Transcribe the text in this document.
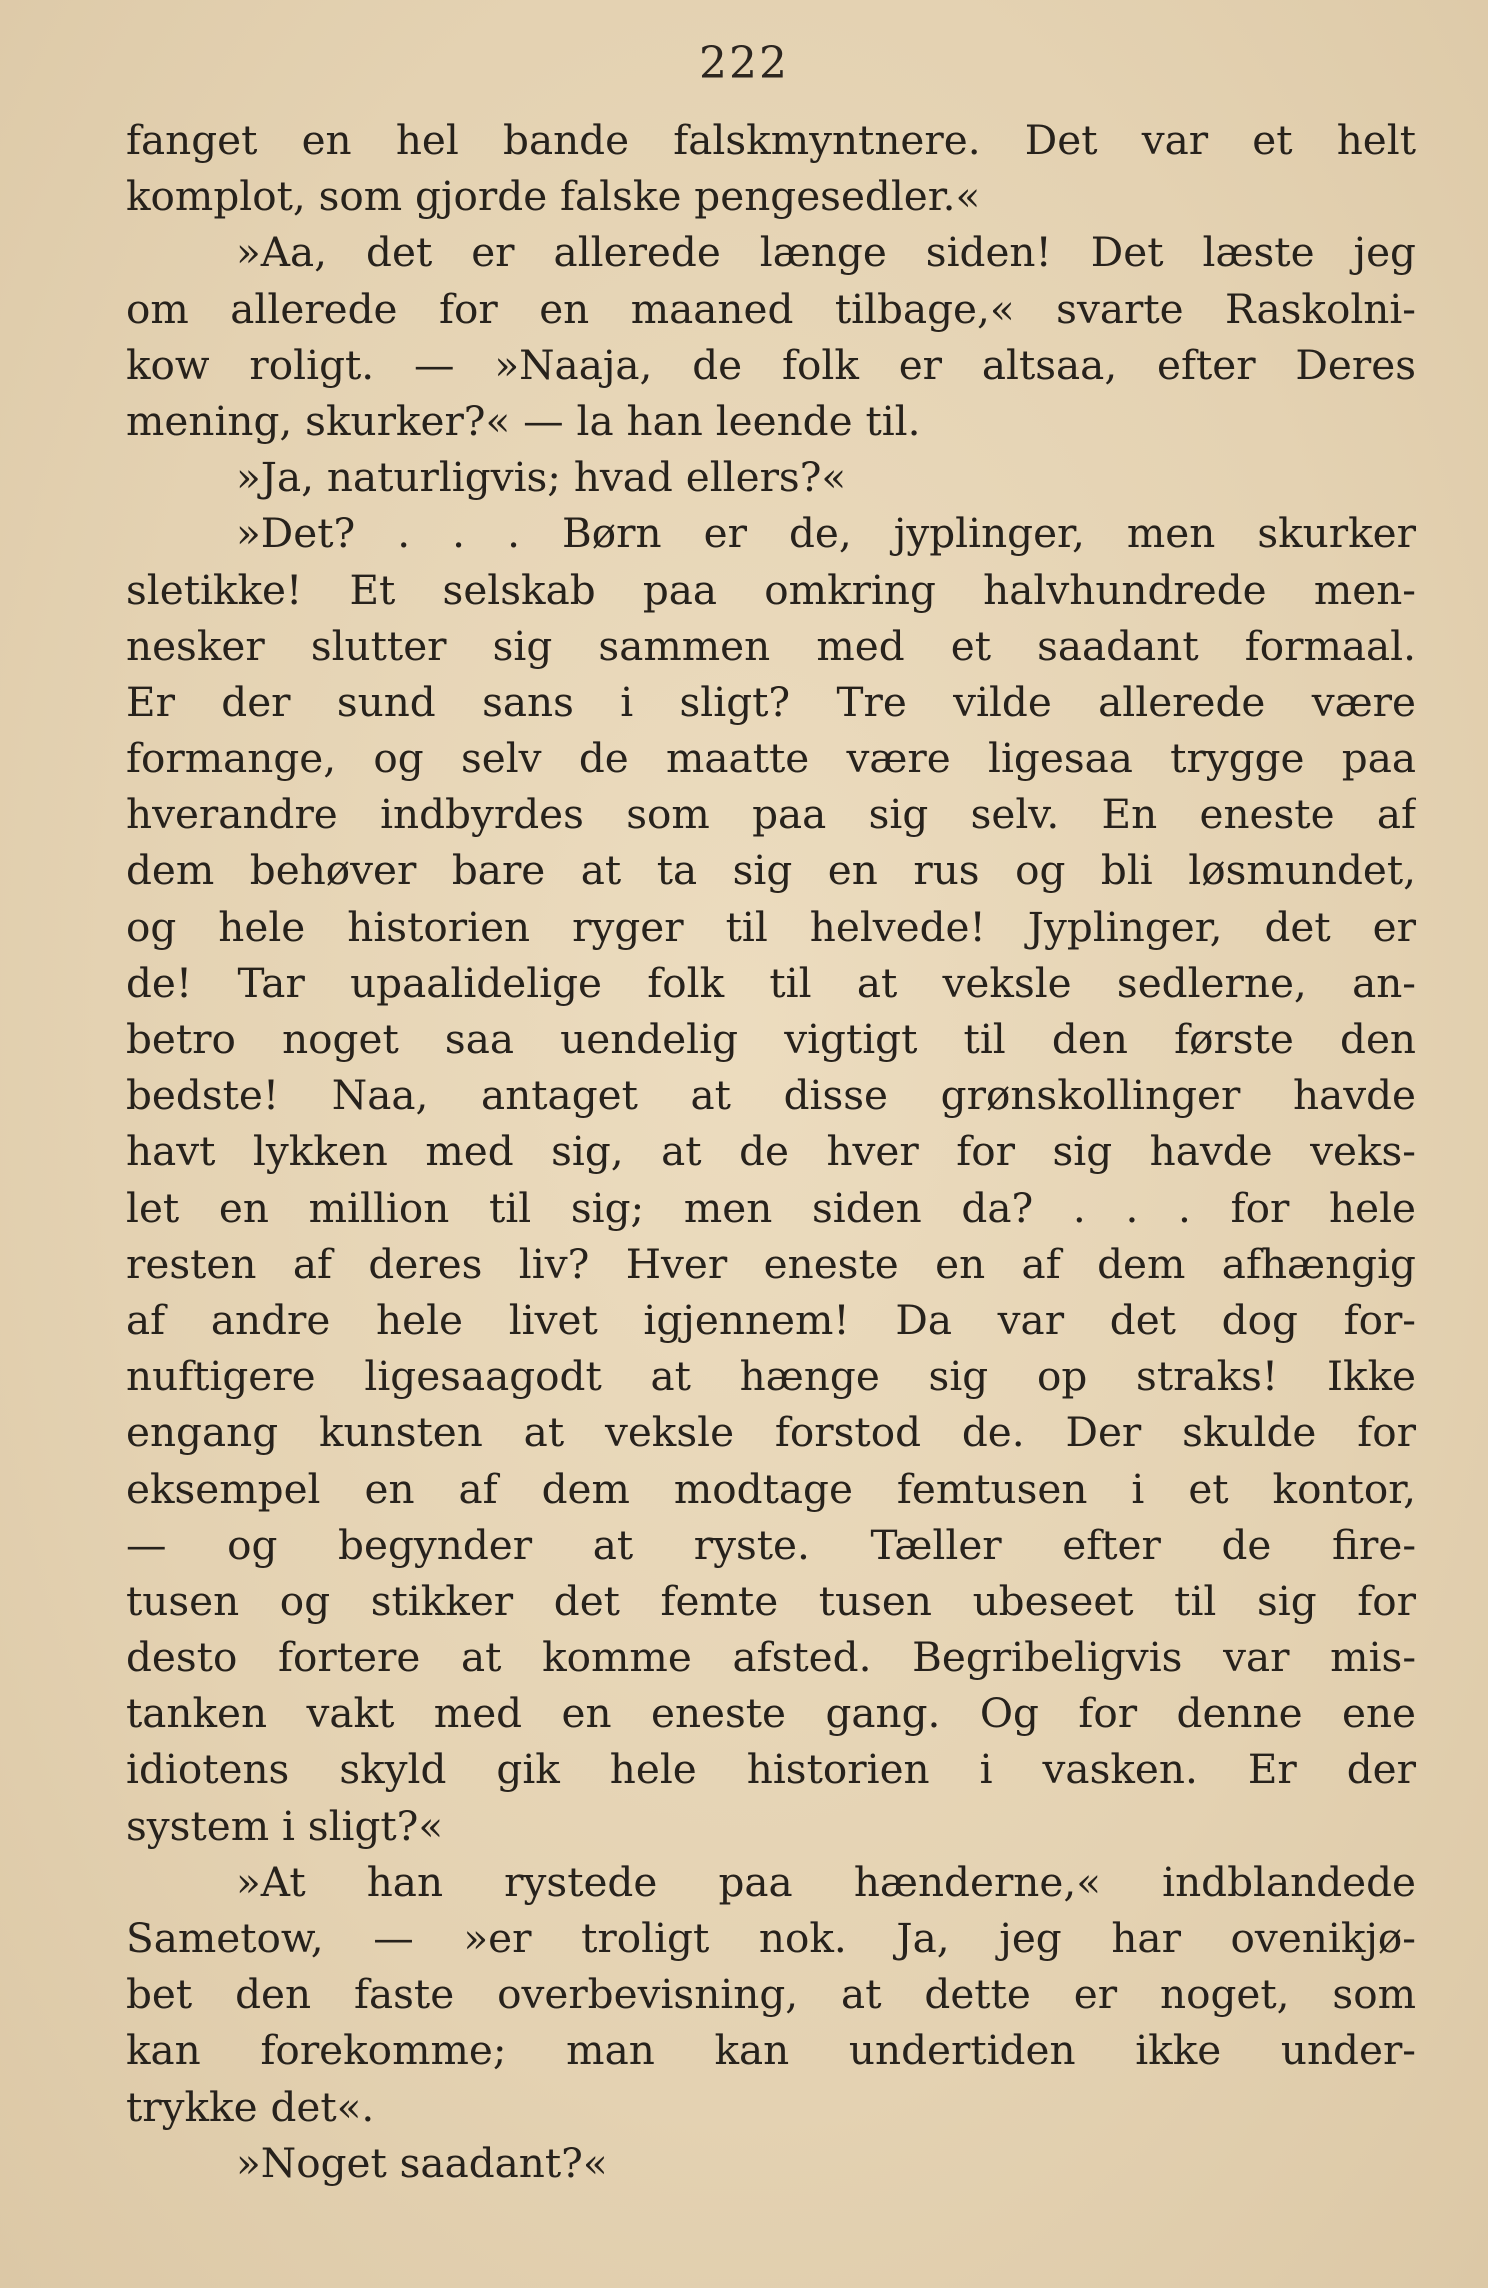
222
fanget en hel bande falskmyntnere. Det var et helt
komplot, som gjorde falske pengesedler.«
»Aa, det er allerede længe siden! Det læste jeg
om allerede for en maaned tilbage,« svarte Raskolni-
kow roligt. — »Naaja, de folk er altsaa, efter Deres
mening, skurker?« — la han leende til.
»Ja, naturligvis; hvad ellers?«
»Det? . . . Børn er de, jyplinger, men skurker
sletikke! Et selskab paa omkring halvhundrede men-
nesker slutter sig sammen med et saadant formaal.
Er der sund sans i sligt? Tre vilde allerede være
formange, og selv de maatte være ligesaa trygge paa
hverandre indbyrdes som paa sig selv. En eneste af
dem behøver bare at ta sig en rus og bli løsmundet,
og hele historien ryger til helvede! Jyplinger, det er
de! Tar upaalidelige folk til at veksle sedlerne, an-
betro noget saa uendelig vigtigt til den første den
bedste! Naa, antaget at disse grønskollinger havde
havt lykken med sig, at de hver for sig havde veks-
let en million til sig; men siden da? . . . for hele
resten af deres liv? Hver eneste en af dem afhængig
af andre hele livet igjennem! Da var det dog for-
nuftigere ligesaagodt at hænge sig op straks! Ikke
engang kunsten at veksle forstod de. Der skulde for
eksempel en af dem modtage femtusen i et kontor,
— og begynder at ryste. Tæller efter de fire-
tusen og stikker det femte tusen ubeseet til sig for
desto fortere at komme afsted. Begribeligvis var mis-
tanken vakt med en eneste gang. Og for denne ene
idiotens skyld gik hele historien i vasken. Er der
system i sligt?«
»At han rystede paa hænderne,« indblandede
Sametow, — »er troligt nok. Ja, jeg har ovenikjø-
bet den faste overbevisning, at dette er noget, som
kan forekomme; man kan undertiden ikke under-
trykke det«.
»Noget saadant?«
